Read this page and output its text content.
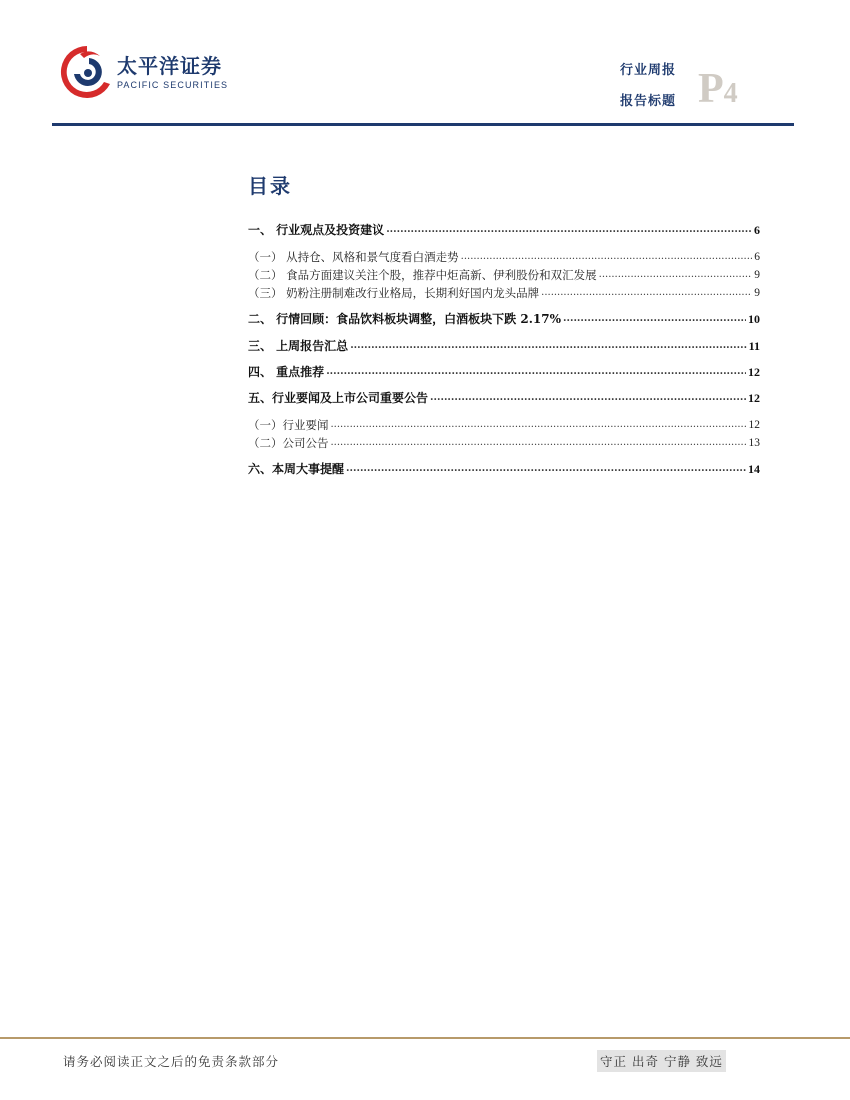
太平洋证券
PACIFIC SECURITIES
行业周报
报告标题 P4
目录
一、 行业观点及投资建议 .....	6
（一） 从持仓、风格和景气度看白酒走势 .....	6
（二） 食品方面建议关注个股，推荐中炬高新、伊利股份和双汇发展 .....	9
（三） 奶粉注册制难改行业格局，长期利好国内龙头品牌 .....	9
二、 行情回顾：食品饮料板块调整，白酒板块下跌 2.17% .....	10
三、 上周报告汇总 .....	11
四、 重点推荐 .....	12
五、行业要闻及上市公司重要公告 .....	12
（一）行业要闻 .....	12
（二）公司公告 .....	13
六、本周大事提醒 .....	14
请务必阅读正文之后的免责条款部分	守正 出奇 宁静 致远
